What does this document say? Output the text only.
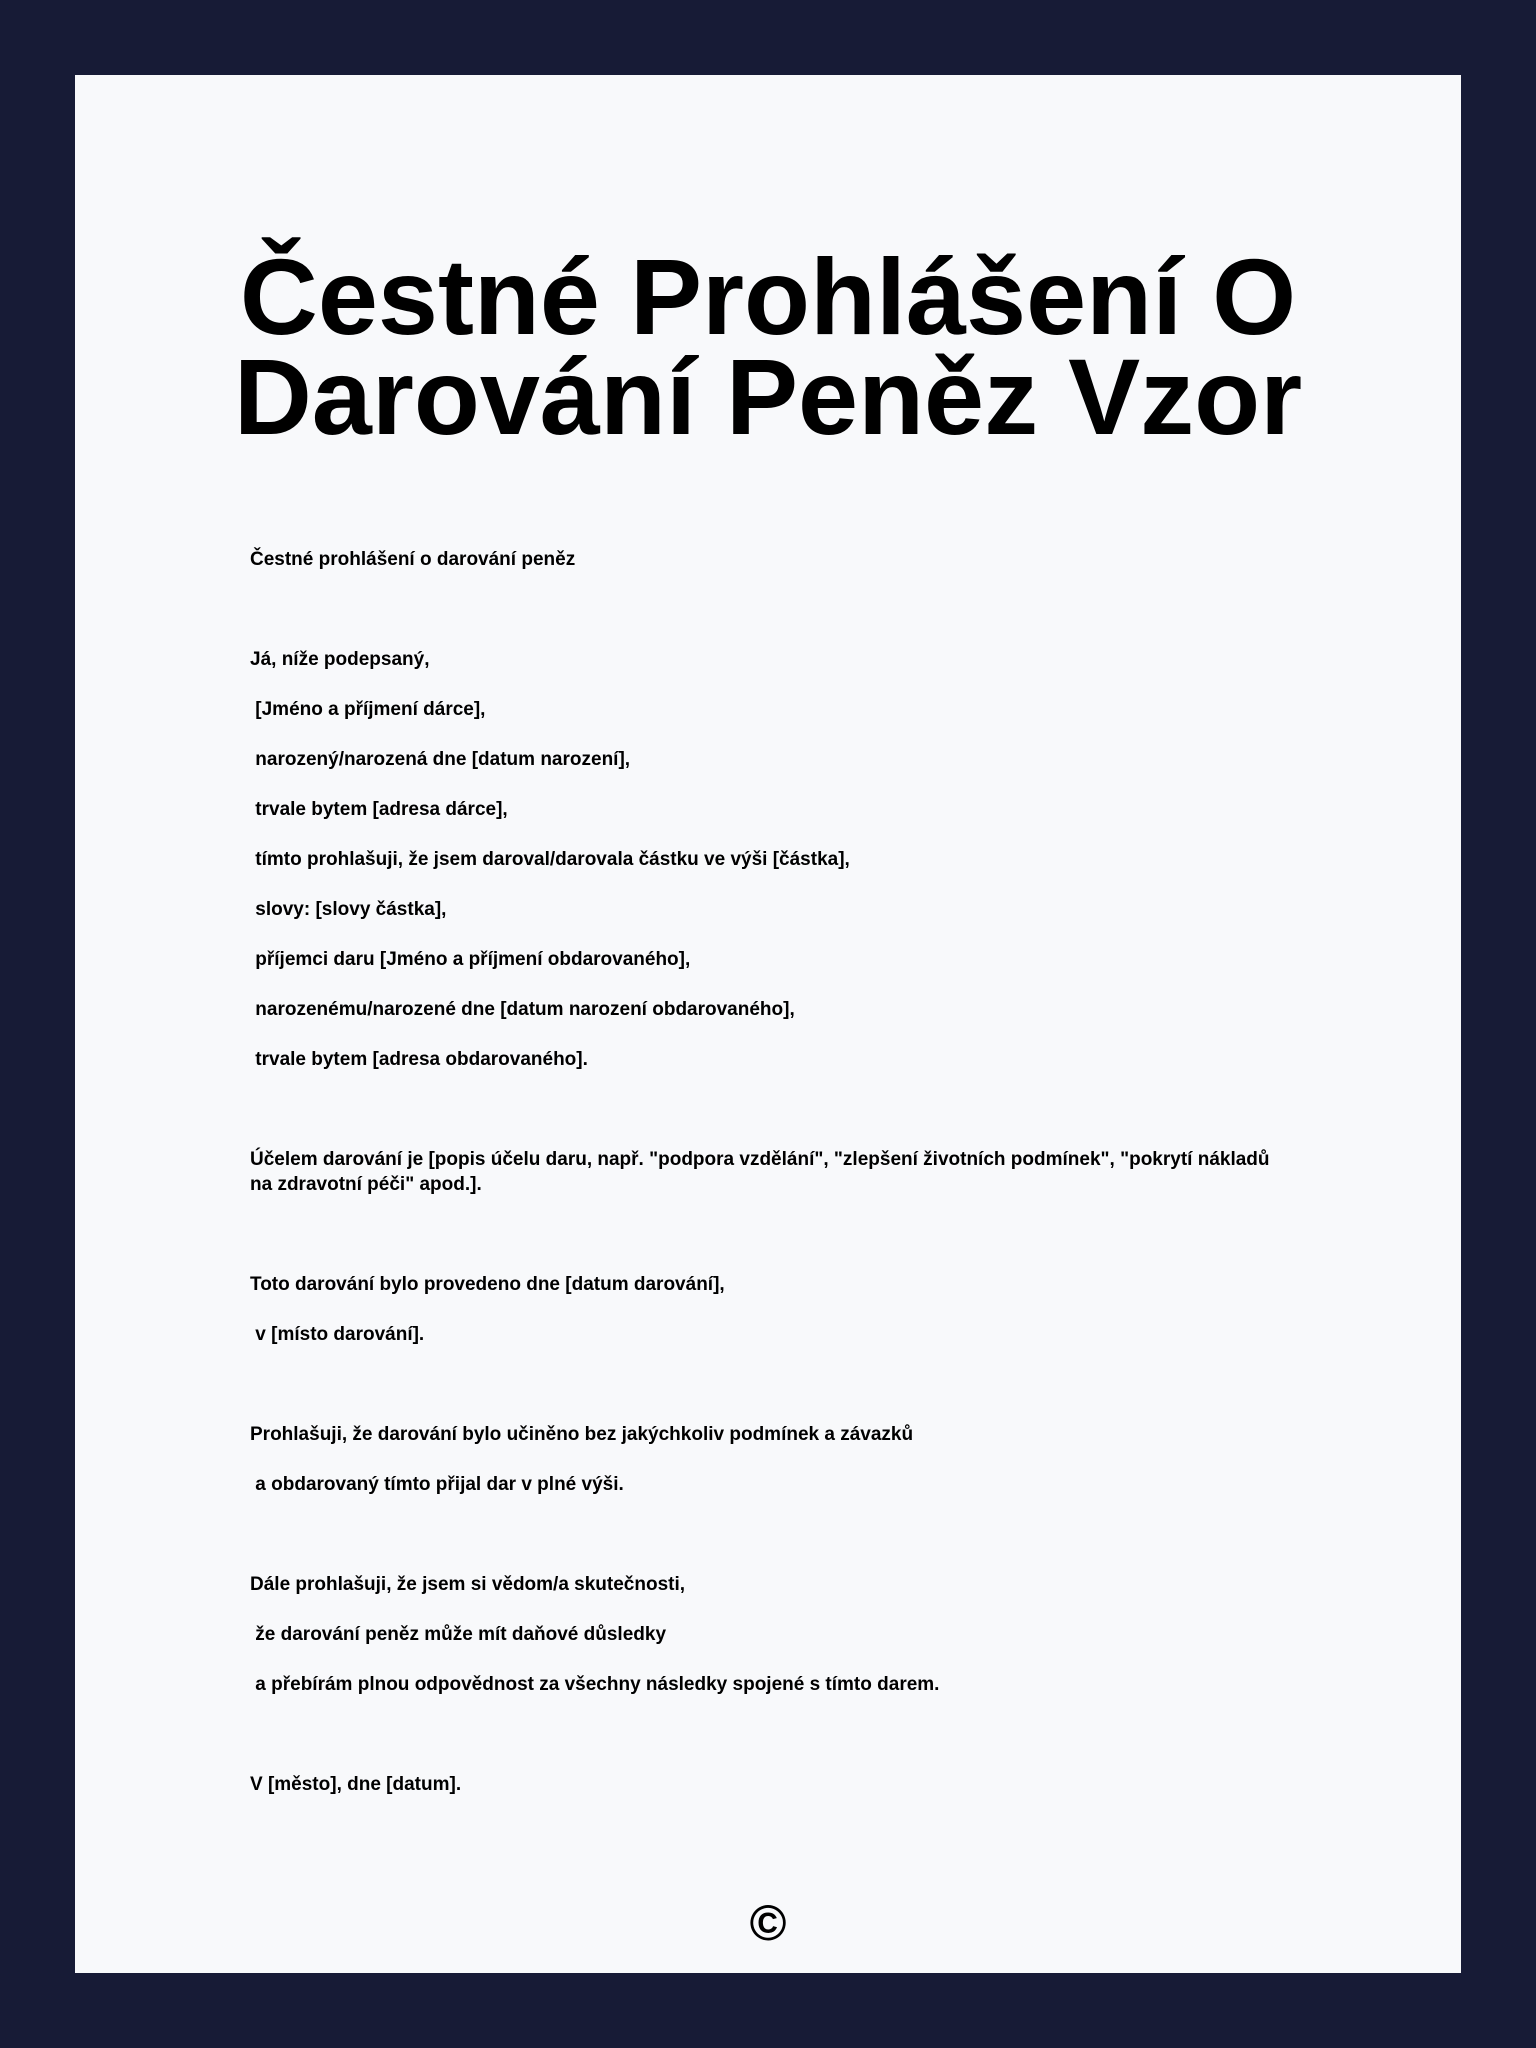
Čestné Prohlášení O Darování Peněz Vzor

Čestné prohlášení o darování peněz

Já, níže podepsaný,

[Jméno a příjmení dárce],

narozený/narozená dne [datum narození],

trvale bytem [adresa dárce],

tímto prohlašuji, že jsem daroval/darovala částku ve výši [částka],

slovy: [slovy částka],

příjemci daru [Jméno a příjmení obdarovaného],

narozenému/narozené dne [datum narození obdarovaného],

trvale bytem [adresa obdarovaného].

Účelem darování je [popis účelu daru, např. "podpora vzdělání", "zlepšení životních podmínek", "pokrytí nákladů na zdravotní péči" apod.].

Toto darování bylo provedeno dne [datum darování],

v [místo darování].

Prohlašuji, že darování bylo učiněno bez jakýchkoliv podmínek a závazků

a obdarovaný tímto přijal dar v plné výši.

Dále prohlašuji, že jsem si vědom/a skutečnosti,

že darování peněz může mít daňové důsledky

a přebírám plnou odpovědnost za všechny následky spojené s tímto darem.

V [město], dne [datum].

©
